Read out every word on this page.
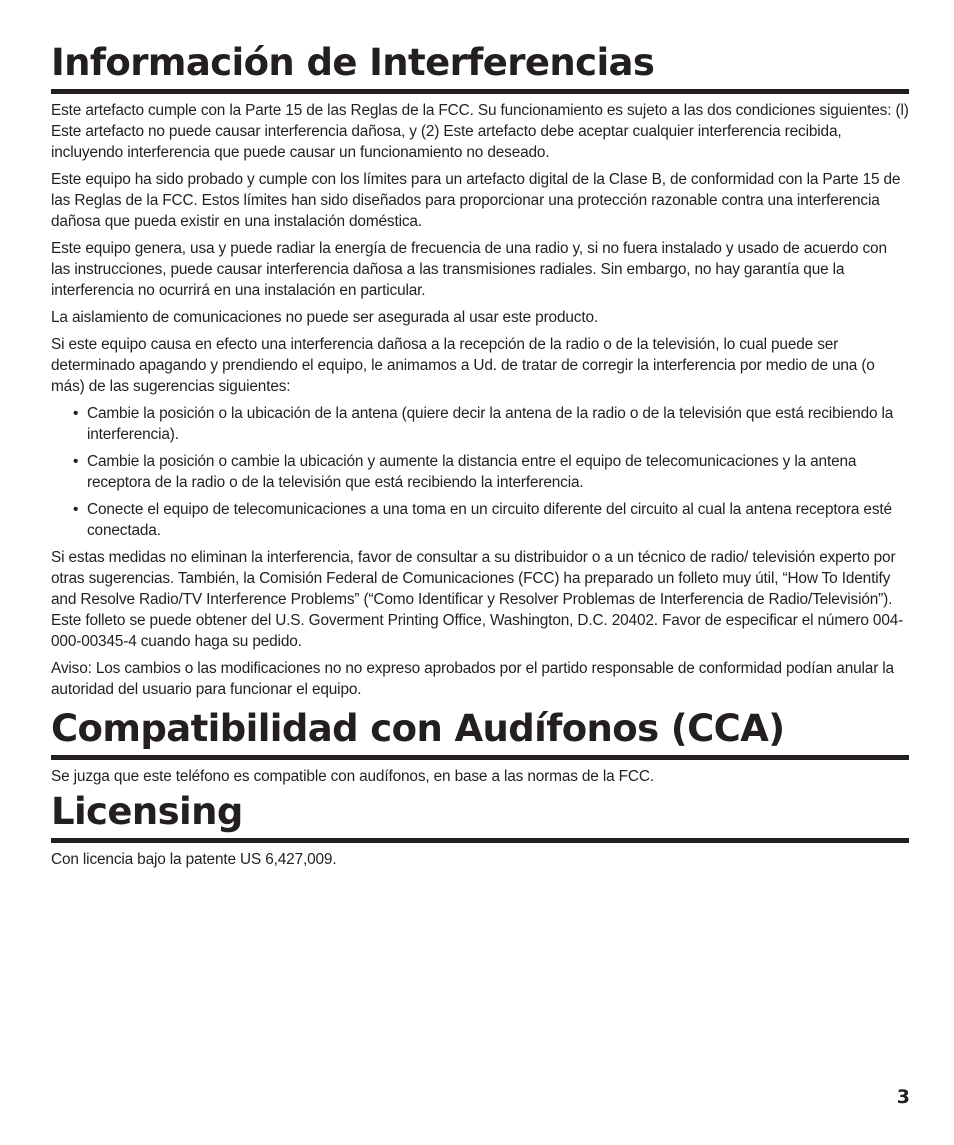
Información de Interferencias

Este artefacto cumple con la Parte 15 de las Reglas de la FCC. Su funcionamiento es sujeto a las dos condiciones siguientes: (l) Este artefacto no puede causar interferencia dañosa, y (2) Este artefacto debe aceptar cualquier interferencia recibida, incluyendo interferencia que puede causar un funcionamiento no deseado.

Este equipo ha sido probado y cumple con los límites para un artefacto digital de la Clase B, de conformidad con la Parte 15 de las Reglas de la FCC. Estos límites han sido diseñados para proporcionar una protección razonable contra una interferencia dañosa que pueda existir en una instalación doméstica.

Este equipo genera, usa y puede radiar la energía de frecuencia de una radio y, si no fuera instalado y usado de acuerdo con las instrucciones, puede causar interferencia dañosa a las transmisiones radiales. Sin embargo, no hay garantía que la interferencia no ocurrirá en una instalación en particular.

La aislamiento de comunicaciones no puede ser asegurada al usar este producto.

Si este equipo causa en efecto una interferencia dañosa a la recepción de la radio o de la televisión, lo cual puede ser determinado apagando y prendiendo el equipo, le animamos a Ud. de tratar de corregir la interferencia por medio de una (o más) de las sugerencias siguientes:

• Cambie la posición o la ubicación de la antena (quiere decir la antena de la radio o de la televisión que está recibiendo la interferencia).
• Cambie la posición o cambie la ubicación y aumente la distancia entre el equipo de telecomunicaciones y la antena receptora de la radio o de la televisión que está recibiendo la interferencia.
• Conecte el equipo de telecomunicaciones a una toma en un circuito diferente del circuito al cual la antena receptora esté conectada.

Si estas medidas no eliminan la interferencia, favor de consultar a su distribuidor o a un técnico de radio/ televisión experto por otras sugerencias. También, la Comisión Federal de Comunicaciones (FCC) ha preparado un folleto muy útil, “How To Identify and Resolve Radio/TV Interference Problems” (“Como Identificar y Resolver Problemas de Interferencia de Radio/Televisión”). Este folleto se puede obtener del U.S. Goverment Printing Office, Washington, D.C. 20402. Favor de especificar el número 004-000-00345-4 cuando haga su pedido.

Aviso: Los cambios o las modificaciones no no expreso aprobados por el partido responsable de conformidad podían anular la autoridad del usuario para funcionar el equipo.

Compatibilidad con Audífonos (CCA)

Se juzga que este teléfono es compatible con audífonos, en base a las normas de la FCC.

Licensing

Con licencia bajo la patente US 6,427,009.

3
